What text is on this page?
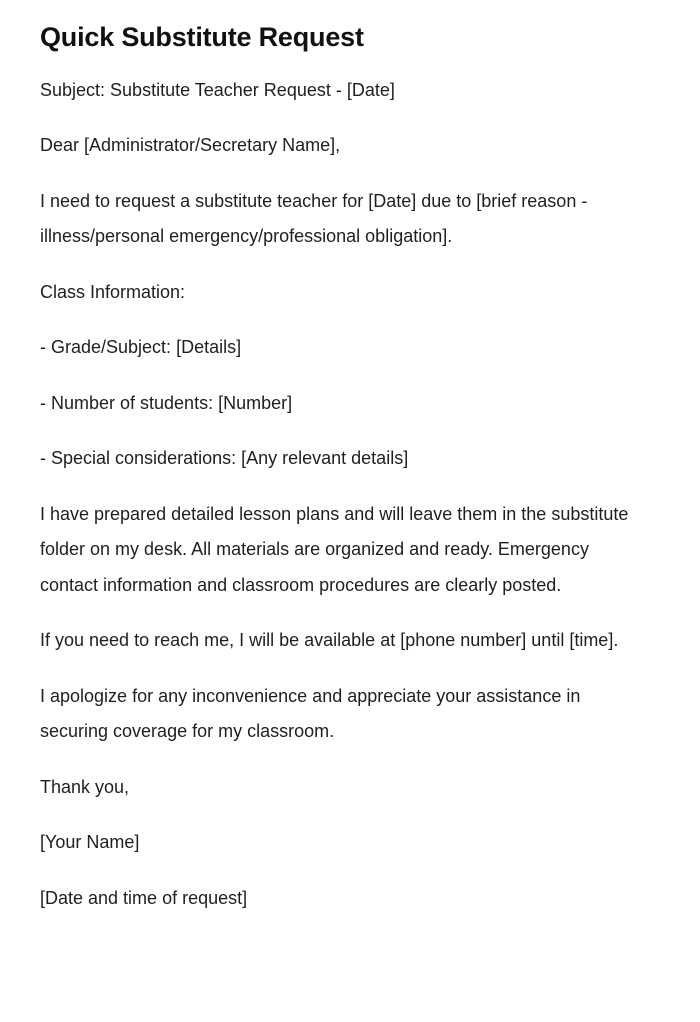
Quick Substitute Request

Subject: Substitute Teacher Request - [Date]

Dear [Administrator/Secretary Name],

I need to request a substitute teacher for [Date] due to [brief reason - illness/personal emergency/professional obligation].

Class Information:

- Grade/Subject: [Details]

- Number of students: [Number]

- Special considerations: [Any relevant details]

I have prepared detailed lesson plans and will leave them in the substitute folder on my desk. All materials are organized and ready. Emergency contact information and classroom procedures are clearly posted.

If you need to reach me, I will be available at [phone number] until [time].

I apologize for any inconvenience and appreciate your assistance in securing coverage for my classroom.

Thank you,

[Your Name]

[Date and time of request]
